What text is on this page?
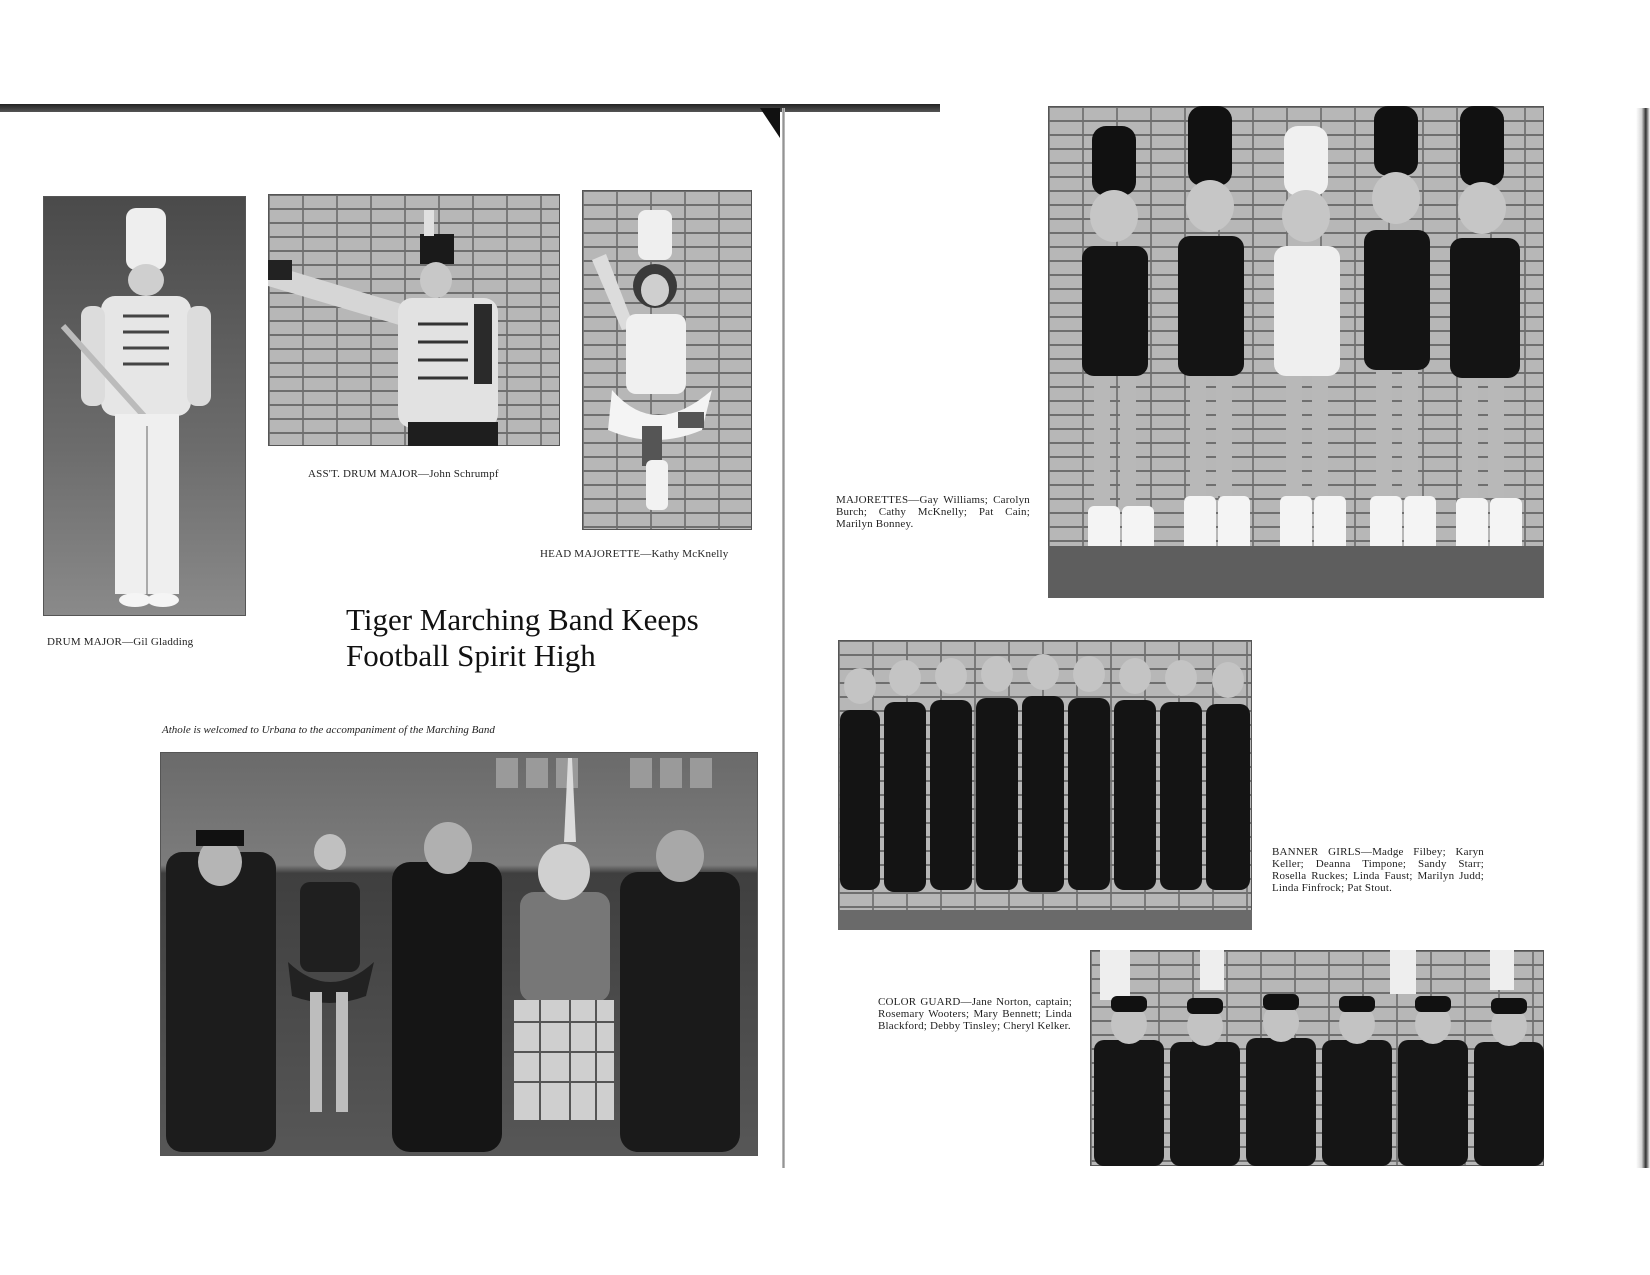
DRUM MAJOR—Gil Gladding
ASS'T. DRUM MAJOR—John Schrumpf
HEAD MAJORETTE—Kathy McKnelly
Tiger Marching Band Keeps
Football Spirit High
Athole is welcomed to Urbana to the accompaniment of the Marching Band
MAJORETTES—Gay Williams; Carolyn Burch; Cathy McKnelly; Pat Cain; Marilyn Bonney.
BANNER GIRLS—Madge Filbey; Karyn Keller; Deanna Timpone; Sandy Starr; Rosella Ruckes; Linda Faust; Marilyn Judd; Linda Finfrock; Pat Stout.
COLOR GUARD—Jane Norton, captain; Rosemary Wooters; Mary Bennett; Linda Blackford; Debby Tinsley; Cheryl Kelker.
